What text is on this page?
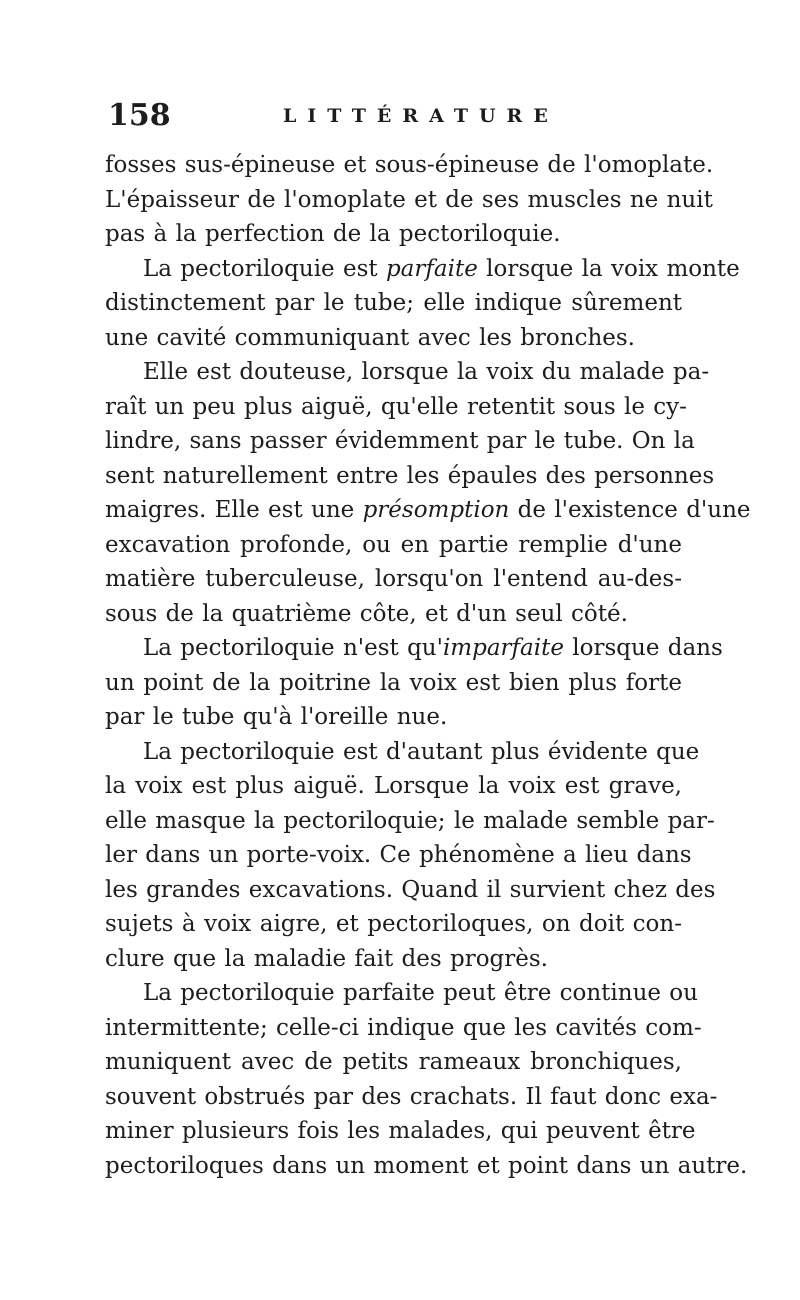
158	LITTÉRATURE
fosses sus-épineuse et sous-épineuse de l'omoplate.
L'épaisseur de l'omoplate et de ses muscles ne nuit
pas à la perfection de la pectoriloquie.
La pectoriloquie est parfaite lorsque la voix monte
distinctement par le tube; elle indique sûrement
une cavité communiquant avec les bronches.
Elle est douteuse, lorsque la voix du malade pa-
raît un peu plus aiguë, qu'elle retentit sous le cy-
lindre, sans passer évidemment par le tube. On la
sent naturellement entre les épaules des personnes
maigres. Elle est une présomption de l'existence d'une
excavation profonde, ou en partie remplie d'une
matière tuberculeuse, lorsqu'on l'entend au-des-
sous de la quatrième côte, et d'un seul côté.
La pectoriloquie n'est qu'imparfaite lorsque dans
un point de la poitrine la voix est bien plus forte
par le tube qu'à l'oreille nue.
La pectoriloquie est d'autant plus évidente que
la voix est plus aiguë. Lorsque la voix est grave,
elle masque la pectoriloquie; le malade semble par-
ler dans un porte-voix. Ce phénomène a lieu dans
les grandes excavations. Quand il survient chez des
sujets à voix aigre, et pectoriloques, on doit con-
clure que la maladie fait des progrès.
La pectoriloquie parfaite peut être continue ou
intermittente; celle-ci indique que les cavités com-
muniquent avec de petits rameaux bronchiques,
souvent obstrués par des crachats. Il faut donc exa-
miner plusieurs fois les malades, qui peuvent être
pectoriloques dans un moment et point dans un autre.
